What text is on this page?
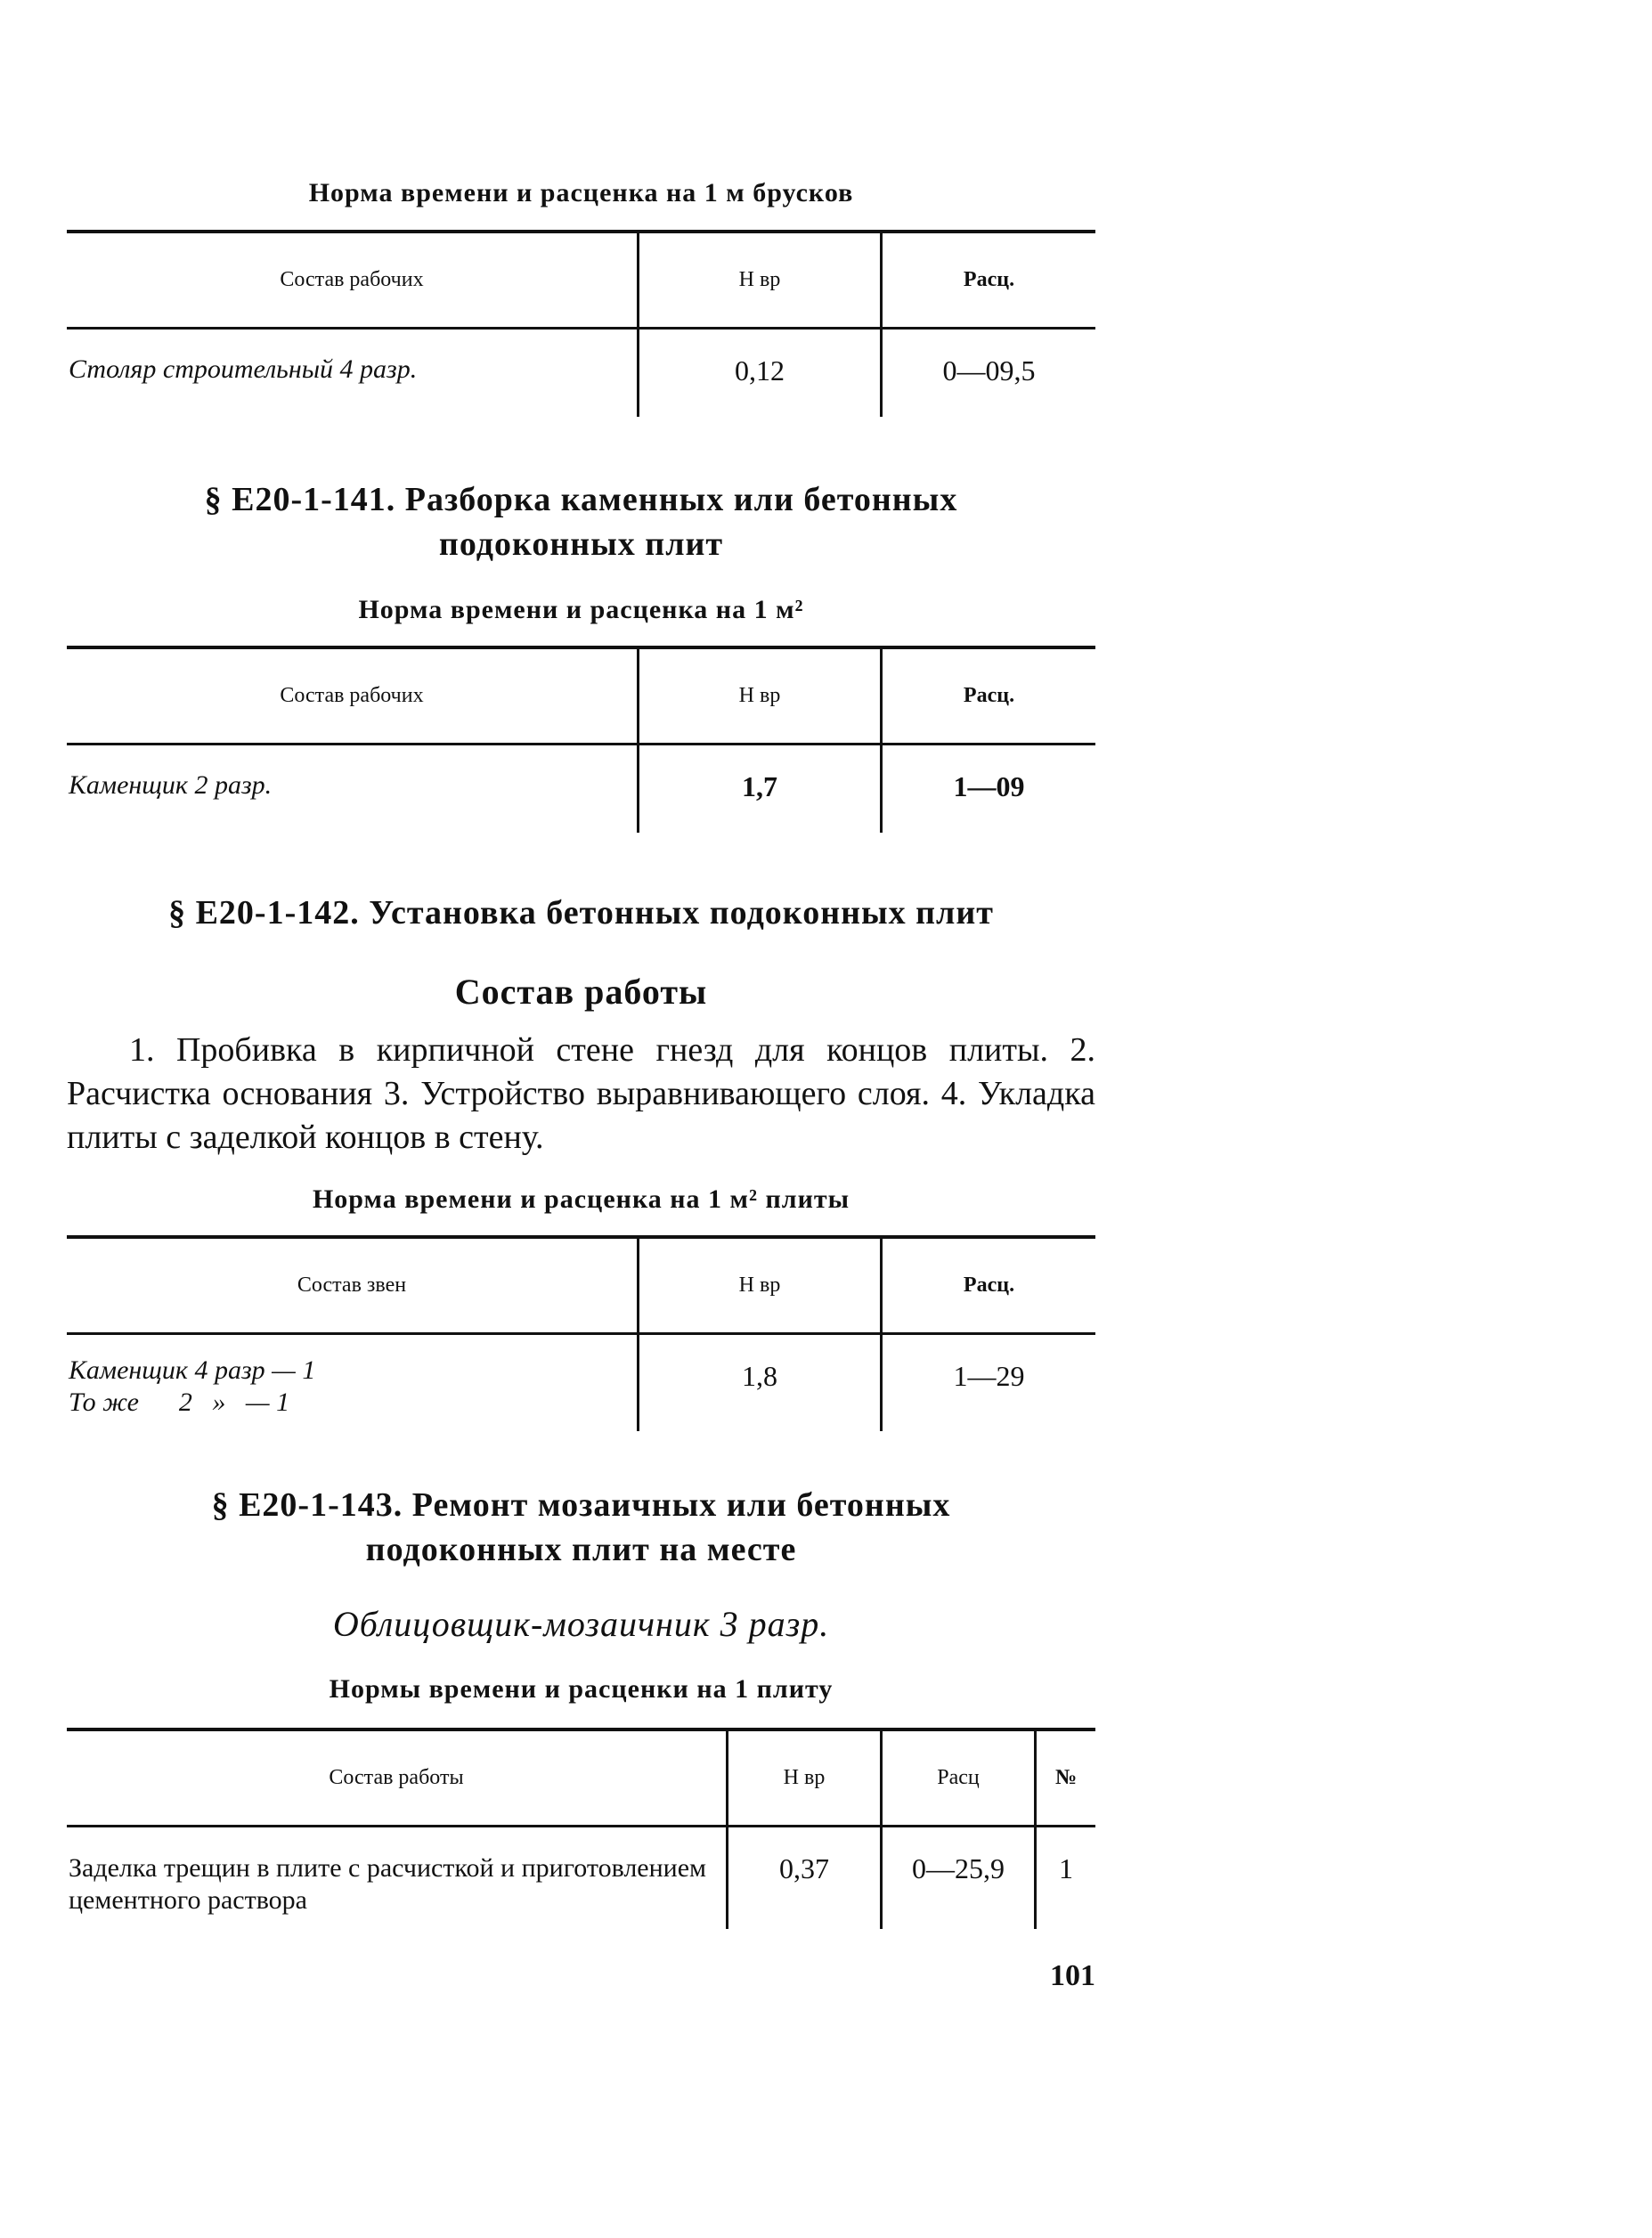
Норма времени и расценка на 1 м брусков
Состав рабочих	Н вр	Расц.
Столяр строительный 4 разр.	0,12	0—09,5
§ Е20-1-141. Разборка каменных или бетонных
подоконных плит
Норма времени и расценка на 1 м²
Состав рабочих	Н вр	Расц.
Каменщик 2 разр.	1,7	1—09
§ Е20-1-142. Установка бетонных подоконных плит
Состав работы
1. Пробивка в кирпичной стене гнезд для концов плиты. 2. Расчистка основания 3. Устройство выравнивающего слоя. 4. Укладка плиты с заделкой концов в стену.
Норма времени и расценка на 1 м² плиты
Состав звен	Н вр	Расц.

Каменщик 4 разр — 1
То же      2   »   — 1	1,8	1—29
§ Е20-1-143. Ремонт мозаичных или бетонных
подоконных плит на месте
Облицовщик-мозаичник 3 разр.
Нормы времени и расценки на 1 плиту
Состав работы	Н вр	Расц	№
Заделка трещин в плите с расчисткой и приготовлением цементного раствора	0,37	0—25,9	1
101
